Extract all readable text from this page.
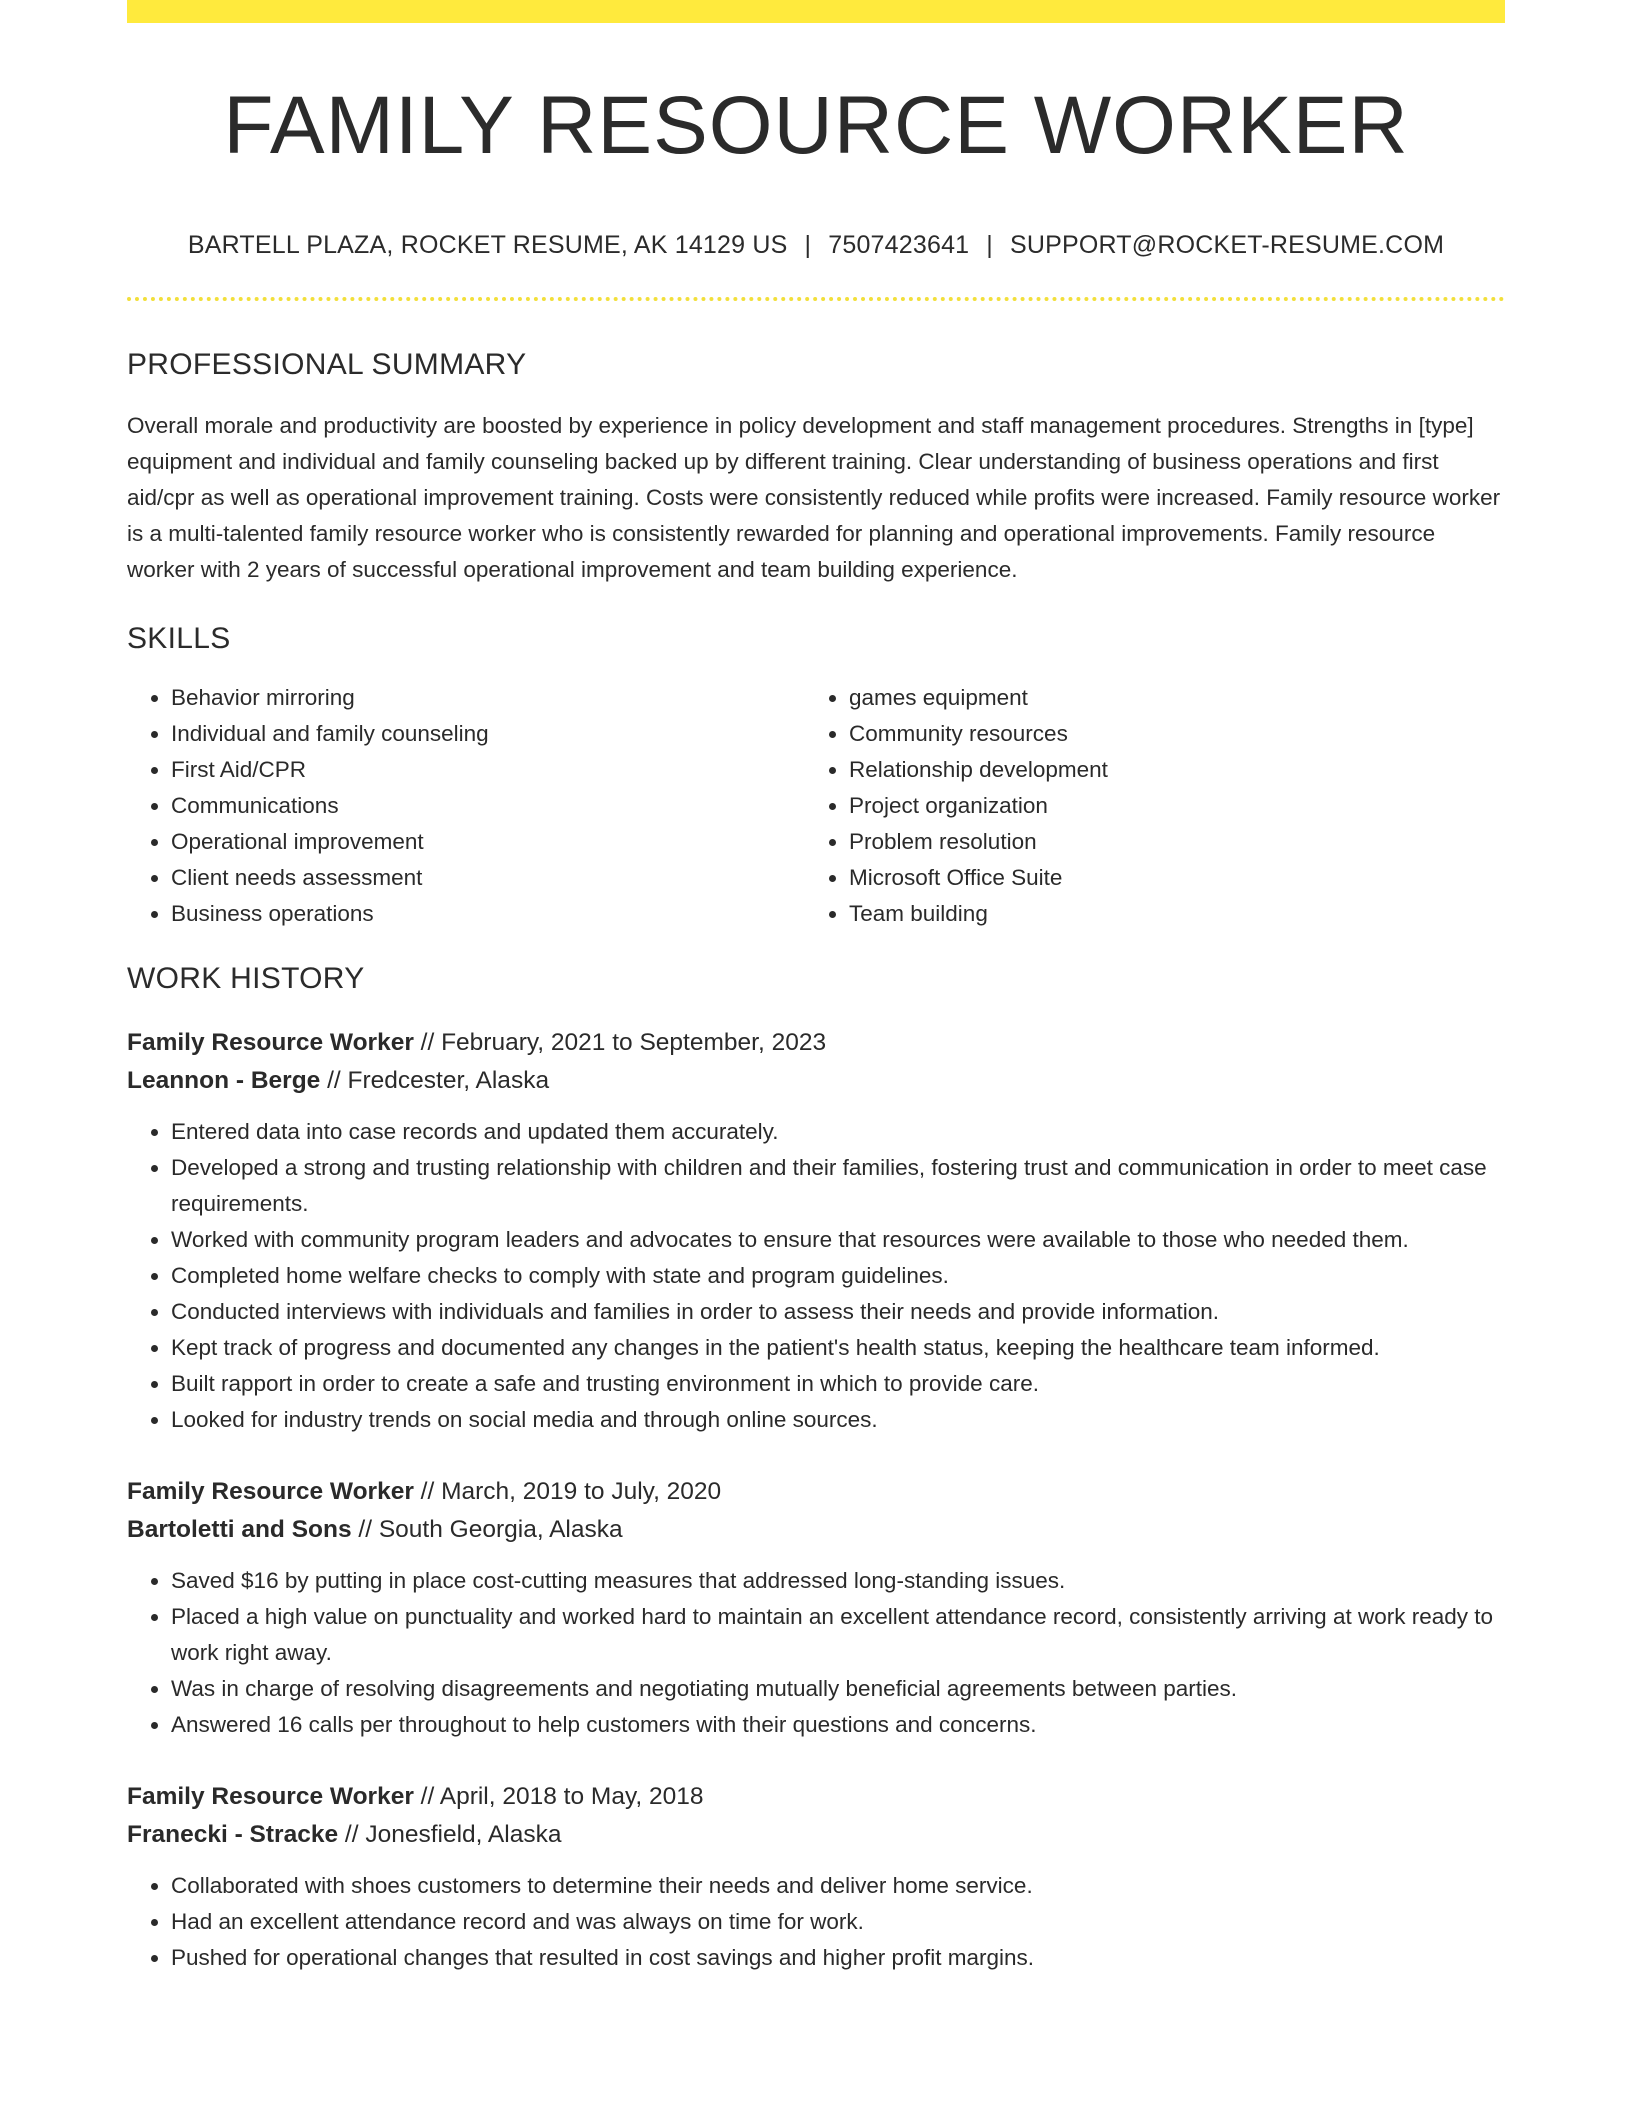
FAMILY RESOURCE WORKER
BARTELL PLAZA, ROCKET RESUME, AK 14129 US | 7507423641 | SUPPORT@ROCKET-RESUME.COM
PROFESSIONAL SUMMARY
Overall morale and productivity are boosted by experience in policy development and staff management procedures. Strengths in [type] equipment and individual and family counseling backed up by different training. Clear understanding of business operations and first aid/cpr as well as operational improvement training. Costs were consistently reduced while profits were increased. Family resource worker is a multi-talented family resource worker who is consistently rewarded for planning and operational improvements. Family resource worker with 2 years of successful operational improvement and team building experience.
SKILLS
• Behavior mirroring
• Individual and family counseling
• First Aid/CPR
• Communications
• Operational improvement
• Client needs assessment
• Business operations
• games equipment
• Community resources
• Relationship development
• Project organization
• Problem resolution
• Microsoft Office Suite
• Team building
WORK HISTORY
Family Resource Worker // February, 2021 to September, 2023
Leannon - Berge // Fredcester, Alaska
• Entered data into case records and updated them accurately.
• Developed a strong and trusting relationship with children and their families, fostering trust and communication in order to meet case requirements.
• Worked with community program leaders and advocates to ensure that resources were available to those who needed them.
• Completed home welfare checks to comply with state and program guidelines.
• Conducted interviews with individuals and families in order to assess their needs and provide information.
• Kept track of progress and documented any changes in the patient's health status, keeping the healthcare team informed.
• Built rapport in order to create a safe and trusting environment in which to provide care.
• Looked for industry trends on social media and through online sources.
Family Resource Worker // March, 2019 to July, 2020
Bartoletti and Sons // South Georgia, Alaska
• Saved $16 by putting in place cost-cutting measures that addressed long-standing issues.
• Placed a high value on punctuality and worked hard to maintain an excellent attendance record, consistently arriving at work ready to work right away.
• Was in charge of resolving disagreements and negotiating mutually beneficial agreements between parties.
• Answered 16 calls per throughout to help customers with their questions and concerns.
Family Resource Worker // April, 2018 to May, 2018
Franecki - Stracke // Jonesfield, Alaska
• Collaborated with shoes customers to determine their needs and deliver home service.
• Had an excellent attendance record and was always on time for work.
• Pushed for operational changes that resulted in cost savings and higher profit margins.
